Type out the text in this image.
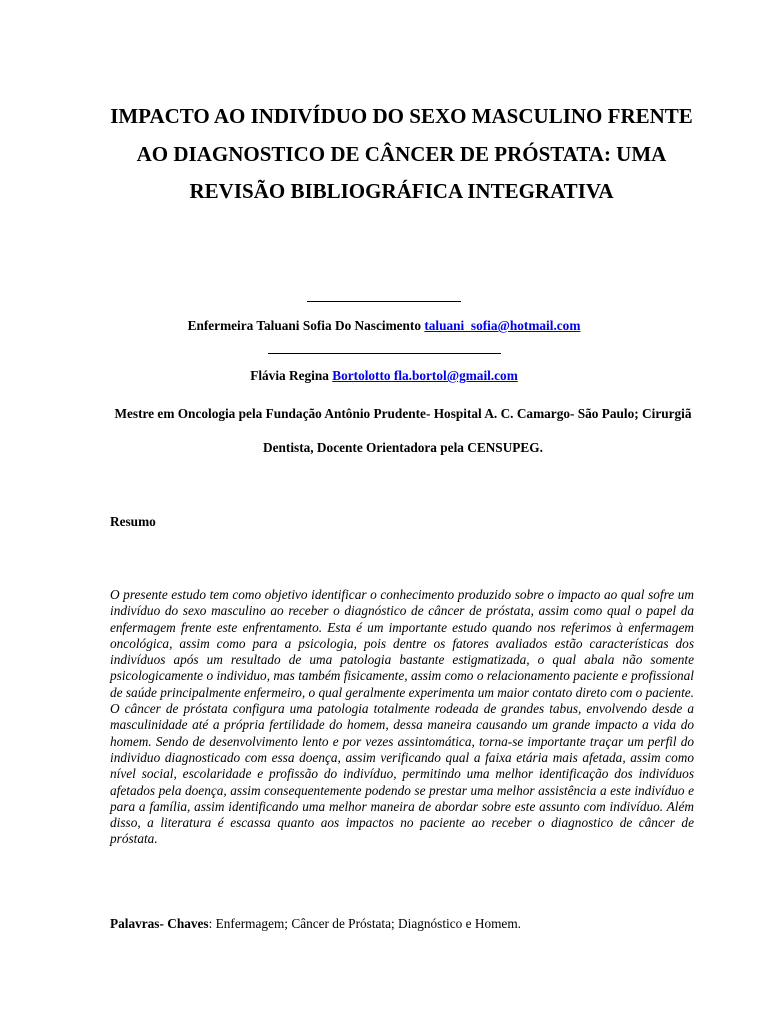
IMPACTO AO INDIVÍDUO DO SEXO MASCULINO FRENTE AO DIAGNOSTICO DE CÂNCER DE PRÓSTATA: UMA REVISÃO BIBLIOGRÁFICA INTEGRATIVA
Enfermeira Taluani Sofia Do Nascimento taluani_sofia@hotmail.com
Flávia Regina Bortolotto fla.bortol@gmail.com

Mestre em Oncologia pela Fundação Antônio Prudente- Hospital A. C. Camargo- São Paulo; Cirurgiã Dentista, Docente Orientadora pela CENSUPEG.

Resumo

O presente estudo tem como objetivo identificar o conhecimento produzido sobre o impacto ao qual sofre um indivíduo do sexo masculino ao receber o diagnóstico de câncer de próstata, assim como qual o papel da enfermagem frente este enfrentamento. Esta é um importante estudo quando nos referimos à enfermagem oncológica, assim como para a psicologia, pois dentre os fatores avaliados estão características dos indivíduos após um resultado de uma patologia bastante estigmatizada, o qual abala não somente psicologicamente o individuo, mas também fisicamente, assim como o relacionamento paciente e profissional de saúde principalmente enfermeiro, o qual geralmente experimenta um maior contato direto com o paciente. O câncer de próstata configura uma patologia totalmente rodeada de grandes tabus, envolvendo desde a masculinidade até a própria fertilidade do homem, dessa maneira causando um grande impacto a vida do homem. Sendo de desenvolvimento lento e por vezes assintomática, torna-se importante traçar um perfil do individuo diagnosticado com essa doença, assim verificando qual a faixa etária mais afetada, assim como nível social, escolaridade e profissão do indivíduo, permitindo uma melhor identificação dos indivíduos afetados pela doença, assim consequentemente podendo se prestar uma melhor assistência a este indivíduo e para a família, assim identificando uma melhor maneira de abordar sobre este assunto com indivíduo. Além disso, a literatura é escassa quanto aos impactos no paciente ao receber o diagnostico de câncer de próstata.

Palavras- Chaves: Enfermagem; Câncer de Próstata; Diagnóstico e Homem.
